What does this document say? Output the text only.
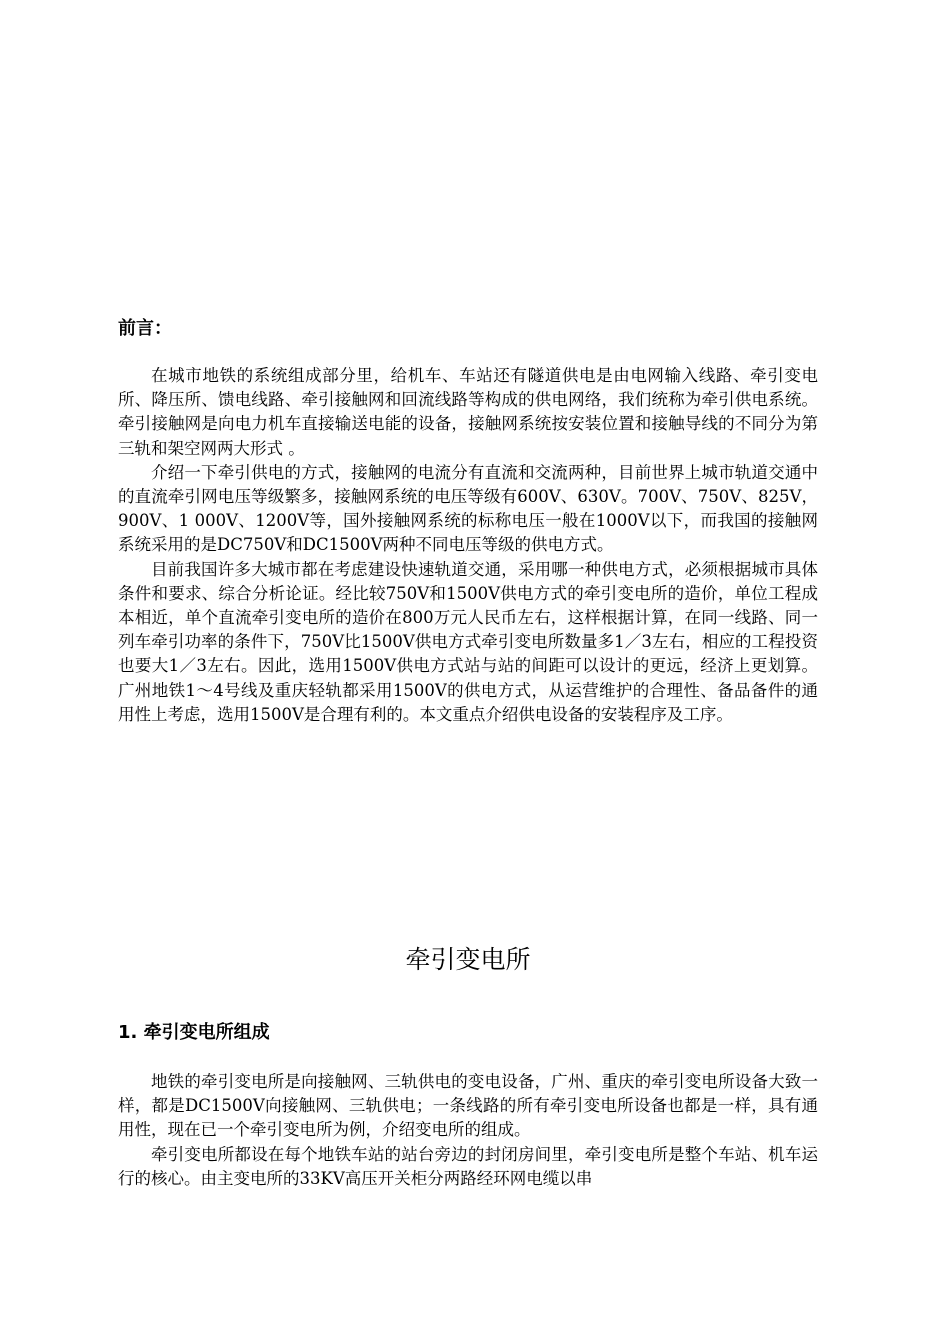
前言：

在城市地铁的系统组成部分里，给机车、车站还有隧道供电是由电网输入线路、牵引变电所、降压所、馈电线路、牵引接触网和回流线路等构成的供电网络，我们统称为牵引供电系统。牵引接触网是向电力机车直接输送电能的设备，接触网系统按安装位置和接触导线的不同分为第三轨和架空网两大形式 。

介绍一下牵引供电的方式，接触网的电流分有直流和交流两种，目前世界上城市轨道交通中的直流牵引网电压等级繁多，接触网系统的电压等级有600V、630V。700V、750V、825V，900V、1 000V、1200V等，国外接触网系统的标称电压一般在1000V以下，而我国的接触网系统采用的是DC750V和DC1500V两种不同电压等级的供电方式。

目前我国许多大城市都在考虑建设快速轨道交通，采用哪一种供电方式，必须根据城市具体条件和要求、综合分析论证。经比较750V和1500V供电方式的牵引变电所的造价，单位工程成本相近，单个直流牵引变电所的造价在800万元人民币左右，这样根据计算，在同一线路、同一列车牵引功率的条件下，750V比1500V供电方式牵引变电所数量多1／3左右，相应的工程投资也要大1／3左右。因此，选用1500V供电方式站与站的间距可以设计的更远，经济上更划算。广州地铁1～4号线及重庆轻轨都采用1500V的供电方式，从运营维护的合理性、备品备件的通用性上考虑，选用1500V是合理有利的。本文重点介绍供电设备的安装程序及工序。

牵引变电所
1. 牵引变电所组成

地铁的牵引变电所是向接触网、三轨供电的变电设备，广州、重庆的牵引变电所设备大致一样，都是DC1500V向接触网、三轨供电；一条线路的所有牵引变电所设备也都是一样，具有通用性，现在已一个牵引变电所为例，介绍变电所的组成。

牵引变电所都设在每个地铁车站的站台旁边的封闭房间里，牵引变电所是整个车站、机车运行的核心。由主变电所的33KV高压开关柜分两路经环网电缆以串
